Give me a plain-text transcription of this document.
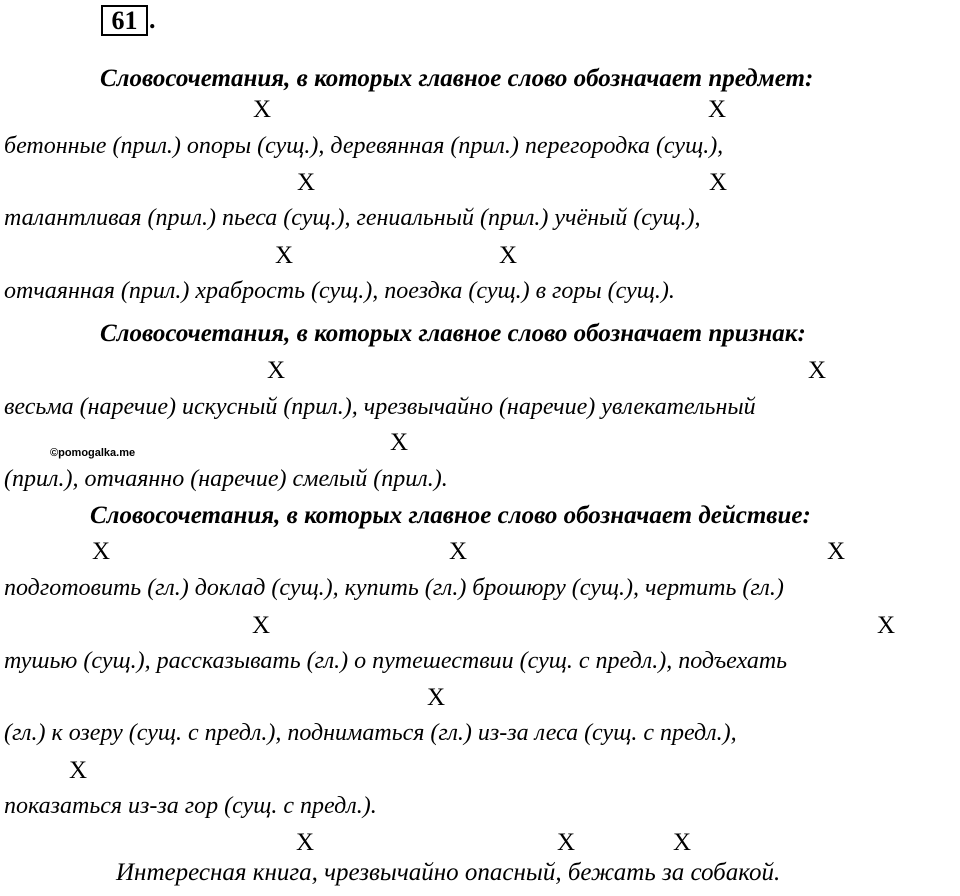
61 .
Словосочетания, в которых главное слово обозначает предмет:
X	X
бетонные (прил.) опоры (сущ.), деревянная (прил.) перегородка (сущ.),
X	X
талантливая (прил.) пьеса (сущ.), гениальный (прил.) учёный (сущ.),
X	X
отчаянная (прил.) храбрость (сущ.), поездка (сущ.) в горы (сущ.).
Словосочетания, в которых главное слово обозначает признак:
X	X
весьма (наречие) искусный (прил.), чрезвычайно (наречие) увлекательный
©pomogalka.me	X
(прил.), отчаянно (наречие) смелый (прил.).
Словосочетания, в которых главное слово обозначает действие:
X	X	X
подготовить (гл.) доклад (сущ.), купить (гл.) брошюру (сущ.), чертить (гл.)
X	X
тушью (сущ.), рассказывать (гл.) о путешествии (сущ. с предл.), подъехать
X
(гл.) к озеру (сущ. с предл.), подниматься (гл.) из-за леса (сущ. с предл.),
X
показаться из-за гор (сущ. с предл.).
X	X	X
Интересная книга, чрезвычайно опасный, бежать за собакой.
